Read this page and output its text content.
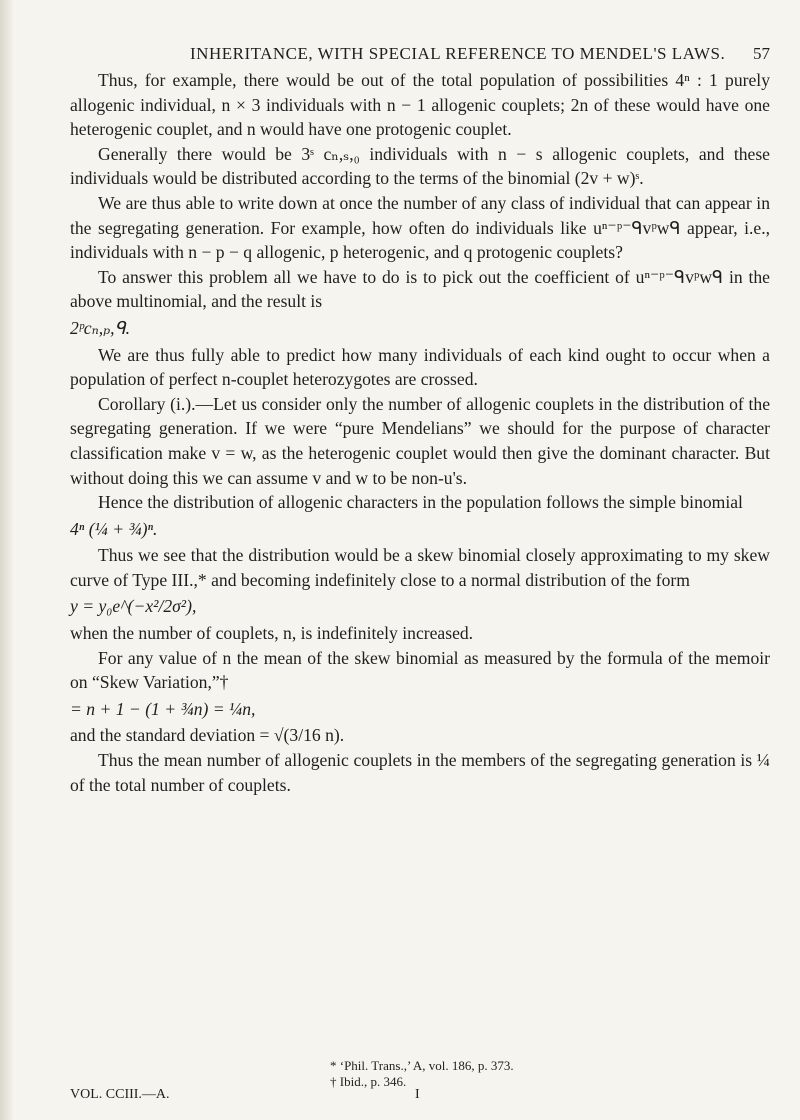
INHERITANCE, WITH SPECIAL REFERENCE TO MENDEL'S LAWS. 57

Thus, for example, there would be out of the total population of possibilities 4ⁿ : 1 purely allogenic individual, n × 3 individuals with n − 1 allogenic couplets; 2n of these would have one heterogenic couplet, and n would have one protogenic couplet.

Generally there would be 3ˢ cₙ,ₛ,₀ individuals with n − s allogenic couplets, and these individuals would be distributed according to the terms of the binomial (2v + w)ˢ.

We are thus able to write down at once the number of any class of individual that can appear in the segregating generation. For example, how often do individuals like uⁿ⁻ᵖ⁻ᑫvᵖwᑫ appear, i.e., individuals with n − p − q allogenic, p heterogenic, and q protogenic couplets?

To answer this problem all we have to do is to pick out the coefficient of uⁿ⁻ᵖ⁻ᑫvᵖwᑫ in the above multinomial, and the result is

2ᵖcₙ,ₚ,ᑫ.

We are thus fully able to predict how many individuals of each kind ought to occur when a population of perfect n-couplet heterozygotes are crossed.

Corollary (i.).—Let us consider only the number of allogenic couplets in the distribution of the segregating generation. If we were “pure Mendelians” we should for the purpose of character classification make v = w, as the heterogenic couplet would then give the dominant character. But without doing this we can assume v and w to be non-u's.

Hence the distribution of allogenic characters in the population follows the simple binomial

4ⁿ (¼ + ¾)ⁿ.

Thus we see that the distribution would be a skew binomial closely approximating to my skew curve of Type III.,* and becoming indefinitely close to a normal distribution of the form

y = y₀e^(−x²/2σ²),

when the number of couplets, n, is indefinitely increased.

For any value of n the mean of the skew binomial as measured by the formula of the memoir on “Skew Variation,”†

= n + 1 − (1 + ¾n) = ¼n,

and the standard deviation = √(3/16 n).

Thus the mean number of allogenic couplets in the members of the segregating generation is ¼ of the total number of couplets.

* ‘Phil. Trans.,’ A, vol. 186, p. 373.
† Ibid., p. 346.
VOL. CCIII.—A.	I
